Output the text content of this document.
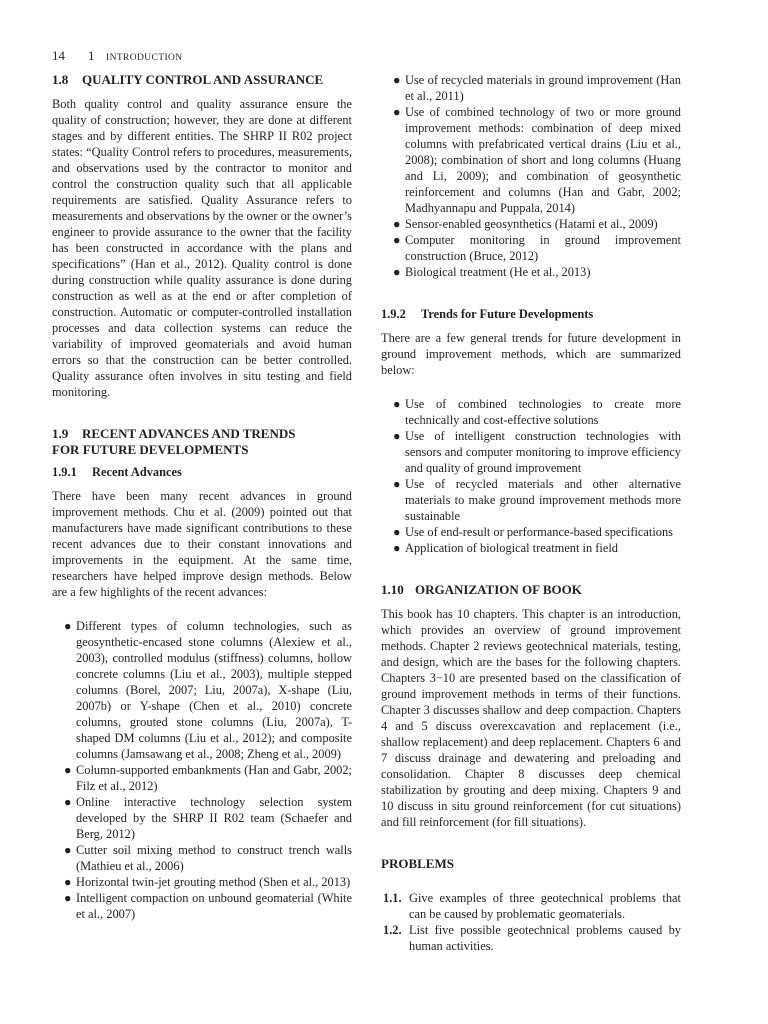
14 1 INTRODUCTION
1.8 QUALITY CONTROL AND ASSURANCE

Both quality control and quality assurance ensure the quality of construction; however, they are done at different stages and by different entities. The SHRP II R02 project states: “Quality Control refers to procedures, measurements, and observations used by the contractor to monitor and control the construction quality such that all applicable requirements are satisfied. Quality Assurance refers to measurements and observations by the owner or the owner’s engineer to provide assurance to the owner that the facility has been constructed in accordance with the plans and specifications” (Han et al., 2012). Quality control is done during construction while quality assurance is done during construction as well as at the end or after completion of construction. Automatic or computer-controlled installation processes and data collection systems can reduce the variability of improved geomaterials and avoid human errors so that the construction can be better controlled. Quality assurance often involves in situ testing and field monitoring.

1.9 RECENT ADVANCES AND TRENDS
FOR FUTURE DEVELOPMENTS
1.9.1 Recent Advances

There have been many recent advances in ground improvement methods. Chu et al. (2009) pointed out that manufacturers have made significant contributions to these recent advances due to their constant innovations and improvements in the equipment. At the same time, researchers have helped improve design methods. Below are a few highlights of the recent advances:

● Different types of column technologies, such as geosynthetic-encased stone columns (Alexiew et al., 2003), controlled modulus (stiffness) columns, hollow concrete columns (Liu et al., 2003), multiple stepped columns (Borel, 2007; Liu, 2007a), X-shape (Liu, 2007b) or Y-shape (Chen et al., 2010) concrete columns, grouted stone columns (Liu, 2007a), T-shaped DM columns (Liu et al., 2012); and composite columns (Jamsawang et al., 2008; Zheng et al., 2009)
● Column-supported embankments (Han and Gabr, 2002; Filz et al., 2012)
● Online interactive technology selection system developed by the SHRP II R02 team (Schaefer and Berg, 2012)
● Cutter soil mixing method to construct trench walls (Mathieu et al., 2006)
● Horizontal twin-jet grouting method (Shen et al., 2013)
● Intelligent compaction on unbound geomaterial (White et al., 2007)
● Use of recycled materials in ground improvement (Han et al., 2011)
● Use of combined technology of two or more ground improvement methods: combination of deep mixed columns with prefabricated vertical drains (Liu et al., 2008); combination of short and long columns (Huang and Li, 2009); and combination of geosynthetic reinforcement and columns (Han and Gabr, 2002; Madhyannapu and Puppala, 2014)
● Sensor-enabled geosynthetics (Hatami et al., 2009)
● Computer monitoring in ground improvement construction (Bruce, 2012)
● Biological treatment (He et al., 2013)
1.9.2 Trends for Future Developments

There are a few general trends for future development in ground improvement methods, which are summarized below:

● Use of combined technologies to create more technically and cost-effective solutions
● Use of intelligent construction technologies with sensors and computer monitoring to improve efficiency and quality of ground improvement
● Use of recycled materials and other alternative materials to make ground improvement methods more sustainable
● Use of end-result or performance-based specifications
● Application of biological treatment in field
1.10 ORGANIZATION OF BOOK

This book has 10 chapters. This chapter is an introduction, which provides an overview of ground improvement methods. Chapter 2 reviews geotechnical materials, testing, and design, which are the bases for the following chapters. Chapters 3−10 are presented based on the classification of ground improvement methods in terms of their functions. Chapter 3 discusses shallow and deep compaction. Chapters 4 and 5 discuss overexcavation and replacement (i.e., shallow replacement) and deep replacement. Chapters 6 and 7 discuss drainage and dewatering and preloading and consolidation. Chapter 8 discusses deep chemical stabilization by grouting and deep mixing. Chapters 9 and 10 discuss in situ ground reinforcement (for cut situations) and fill reinforcement (for fill situations).

PROBLEMS
1.1. Give examples of three geotechnical problems that can be caused by problematic geomaterials.
1.2. List five possible geotechnical problems caused by human activities.
